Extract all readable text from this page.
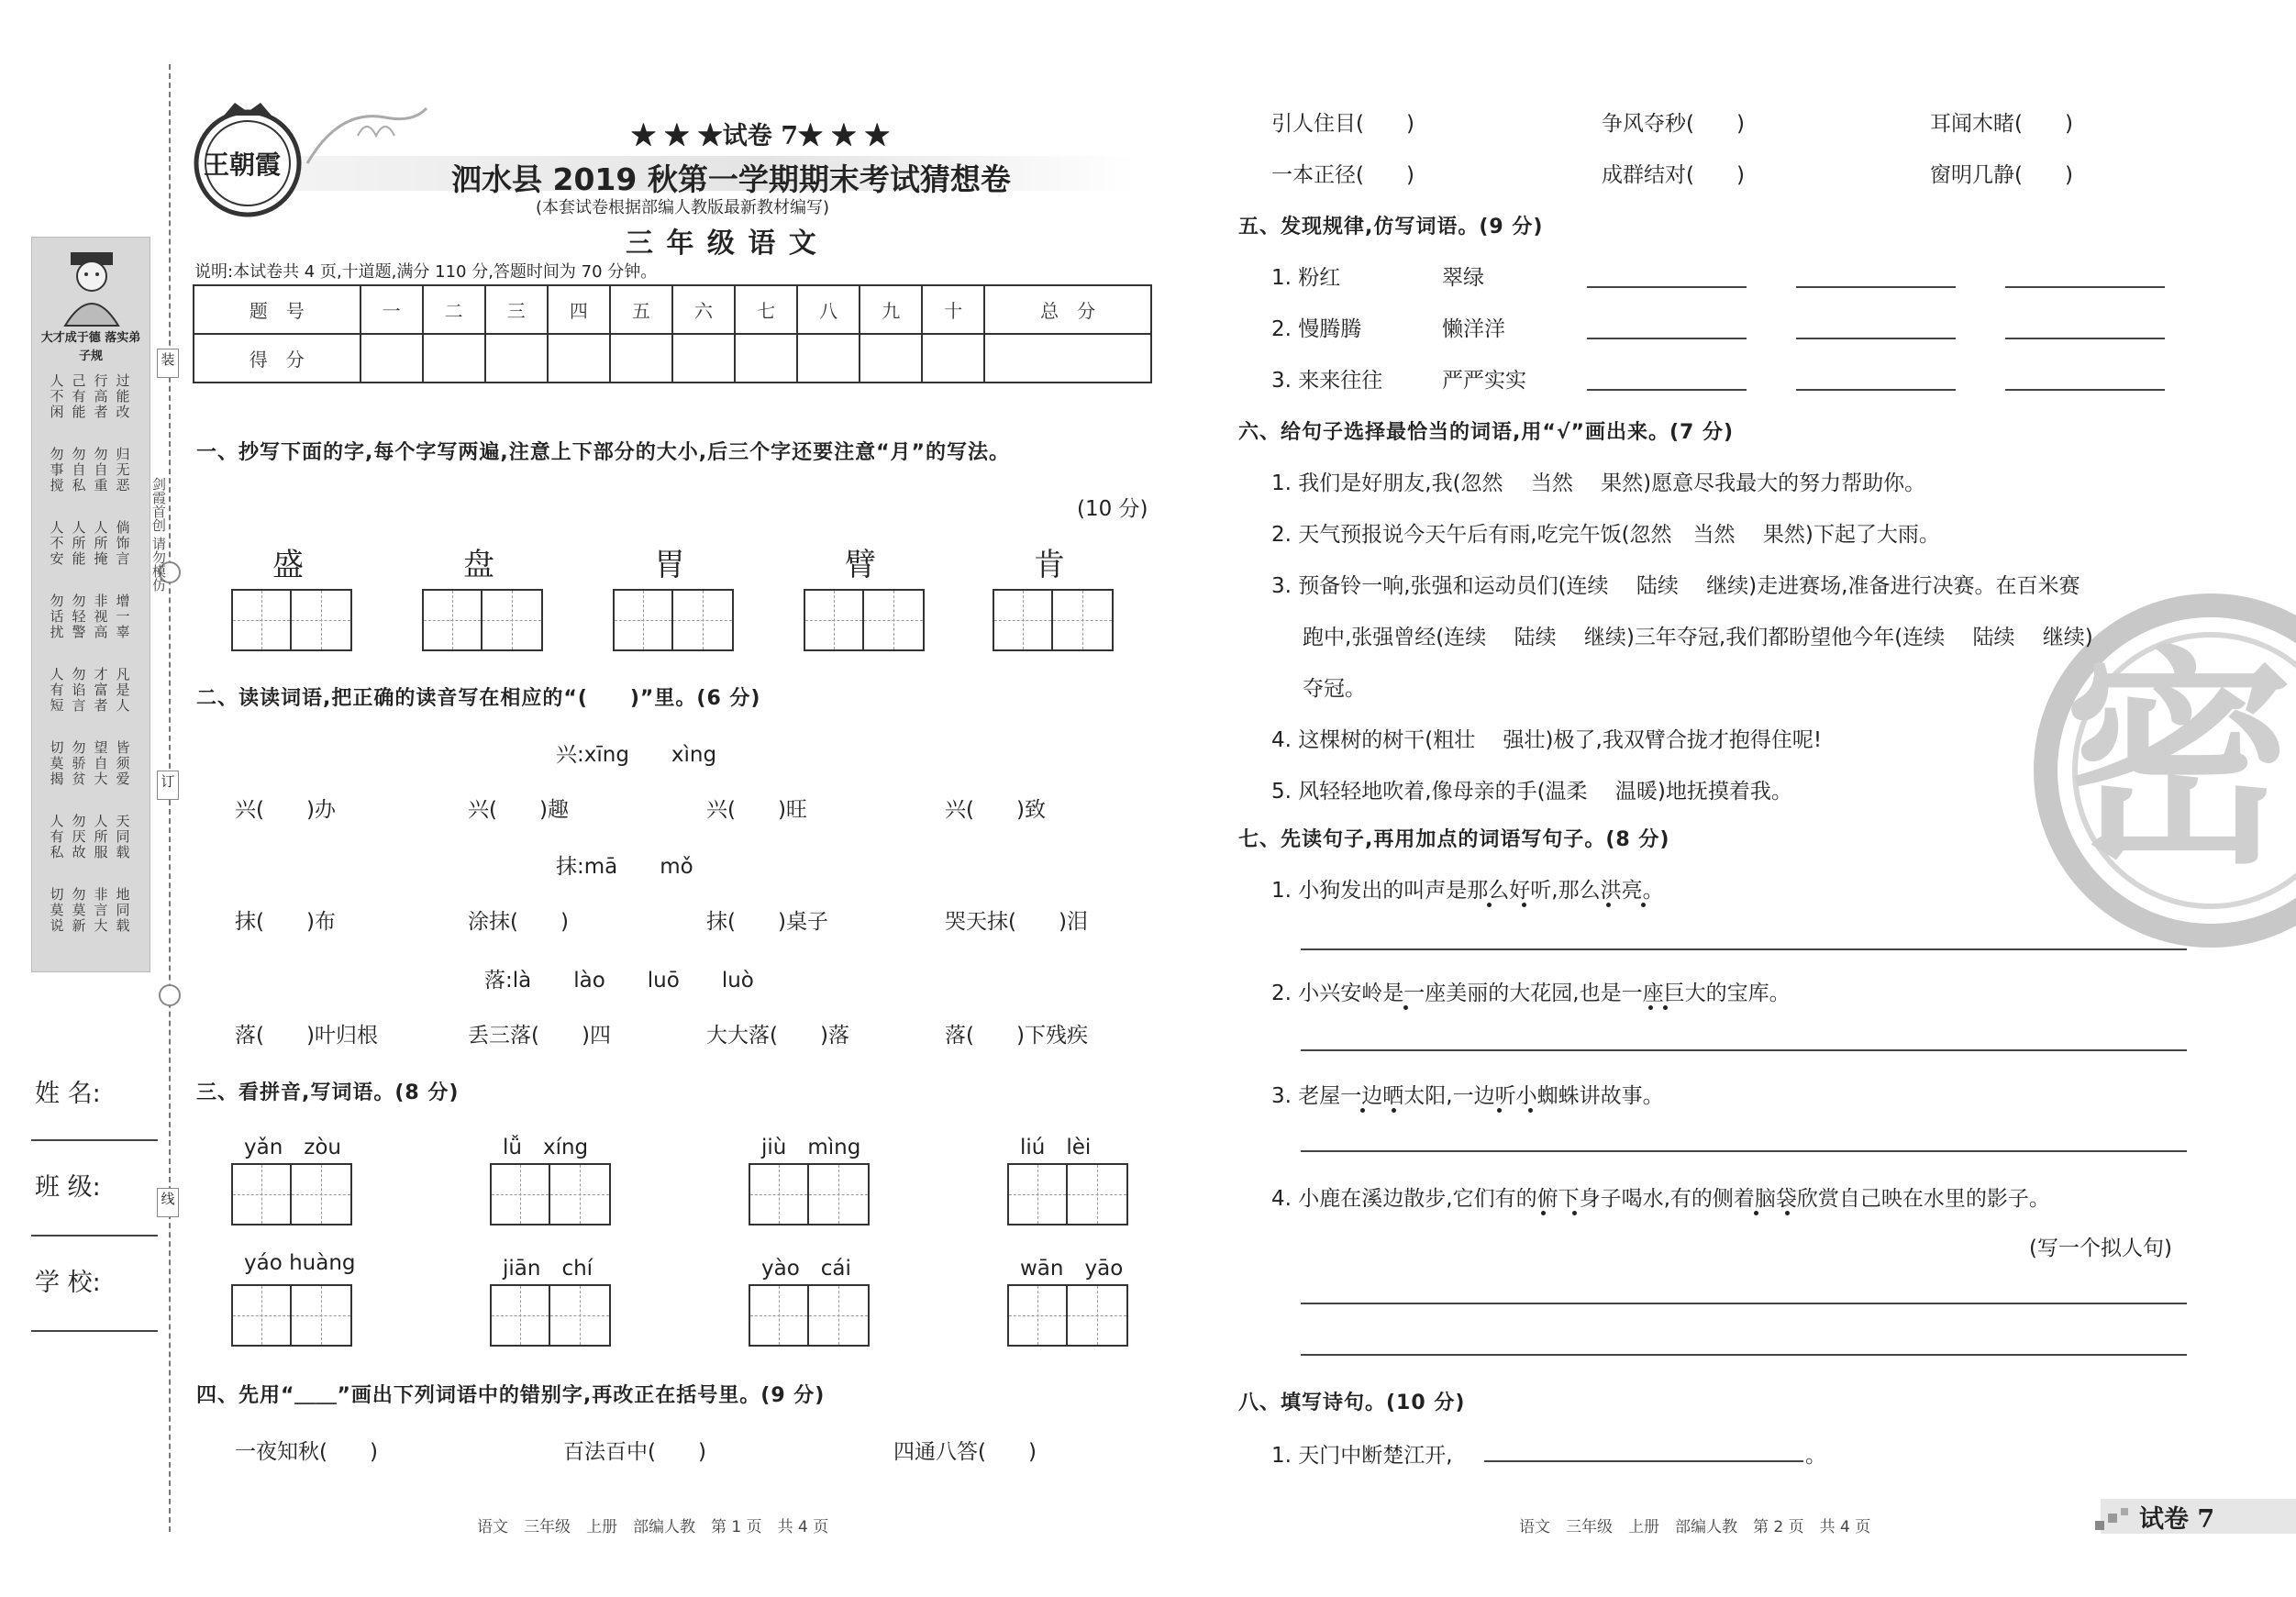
装
订
线
剑霞首创 请勿模仿
大才成于德 落实弟子规
人不闲
己有能
行高者
过能改
勿事搅
勿自私
勿自重
归无恶
人不安
人所能
人所掩
倘饰言
勿话扰
勿轻警
非视高
增一辜
人有短
勿谄言
才富者
凡是人
切莫揭
勿骄贫
望自大
皆须爱
人有私
勿厌故
人所服
天同载
切莫说
勿莫新
非言大
地同载
姓 名:
班 级:
学 校:
王朝霞
★ ★ ★试卷 7★ ★ ★
泗水县 2019 秋第一学期期末考试猜想卷
(本套试卷根据部编人教版最新教材编写)
三 年 级 语 文
说明:本试卷共 4 页,十道题,满分 110 分,答题时间为 70 分钟。
题　号	一	二	三	四	五	六	七	八	九	十	总　分
得　分											
一、抄写下面的字,每个字写两遍,注意上下部分的大小,后三个字还要注意“月”的写法。
(10 分)
二、读读词语,把正确的读音写在相应的“(　　)”里。(6 分)
三、看拼音,写词语。(8 分)
四、先用“＿＿”画出下列词语中的错别字,再改正在括号里。(9 分)
五、发现规律,仿写词语。(9 分)
六、给句子选择最恰当的词语,用“√”画出来。(7 分)
七、先读句子,再用加点的词语写句子。(8 分)
(写一个拟人句)
八、填写诗句。(10 分)
1. 天门中断楚江开,	。
密
语文　三年级　上册　部编人教　第 1 页　共 4 页	语文　三年级　上册　部编人教　第 2 页　共 4 页	试卷 7
盛	盘	胃	臂	肯
兴:xīng　　xìng
兴(　　)办	兴(　　)趣	兴(　　)旺	兴(　　)致
抹:mā　　mǒ
抹(　　)布	涂抹(　　)	抹(　　)桌子	哭天抹(　　)泪
落:là　　lào　　luō　　luò
落(　　)叶归根	丢三落(　　)四	大大落(　　)落	落(　　)下残疾
yǎn　zòu	lǚ　xíng	jiù　mìng	liú　lèi
yáo huàng	jiān　chí	yào　cái	wān　yāo
一夜知秋(　　)	百法百中(　　)	四通八答(　　)
引人住目(　　)	争风夺秒(　　)	耳闻木睹(　　)
一本正径(　　)	成群结对(　　)	窗明几静(　　)
1. 粉红	翠绿
2. 慢腾腾	懒洋洋
3. 来来往往	严严实实
1. 我们是好朋友,我(忽然　 当然　 果然)愿意尽我最大的努力帮助你。
2. 天气预报说今天午后有雨,吃完午饭(忽然　当然　 果然)下起了大雨。
3. 预备铃一响,张强和运动员们(连续　 陆续　 继续)走进赛场,准备进行决赛。在百米赛
跑中,张强曾经(连续　 陆续　 继续)三年夺冠,我们都盼望他今年(连续　 陆续　 继续)
夺冠。
4. 这棵树的树干(粗壮　 强壮)极了,我双臂合拢才抱得住呢!
5. 风轻轻地吹着,像母亲的手(温柔　 温暖)地抚摸着我。
1. 小狗发出的叫声是那么好听,那么洪亮。
2. 小兴安岭是一座美丽的大花园,也是一座巨大的宝库。
3. 老屋一边晒太阳,一边听小蜘蛛讲故事。
4. 小鹿在溪边散步,它们有的俯下身子喝水,有的侧着脑袋欣赏自己映在水里的影子。
